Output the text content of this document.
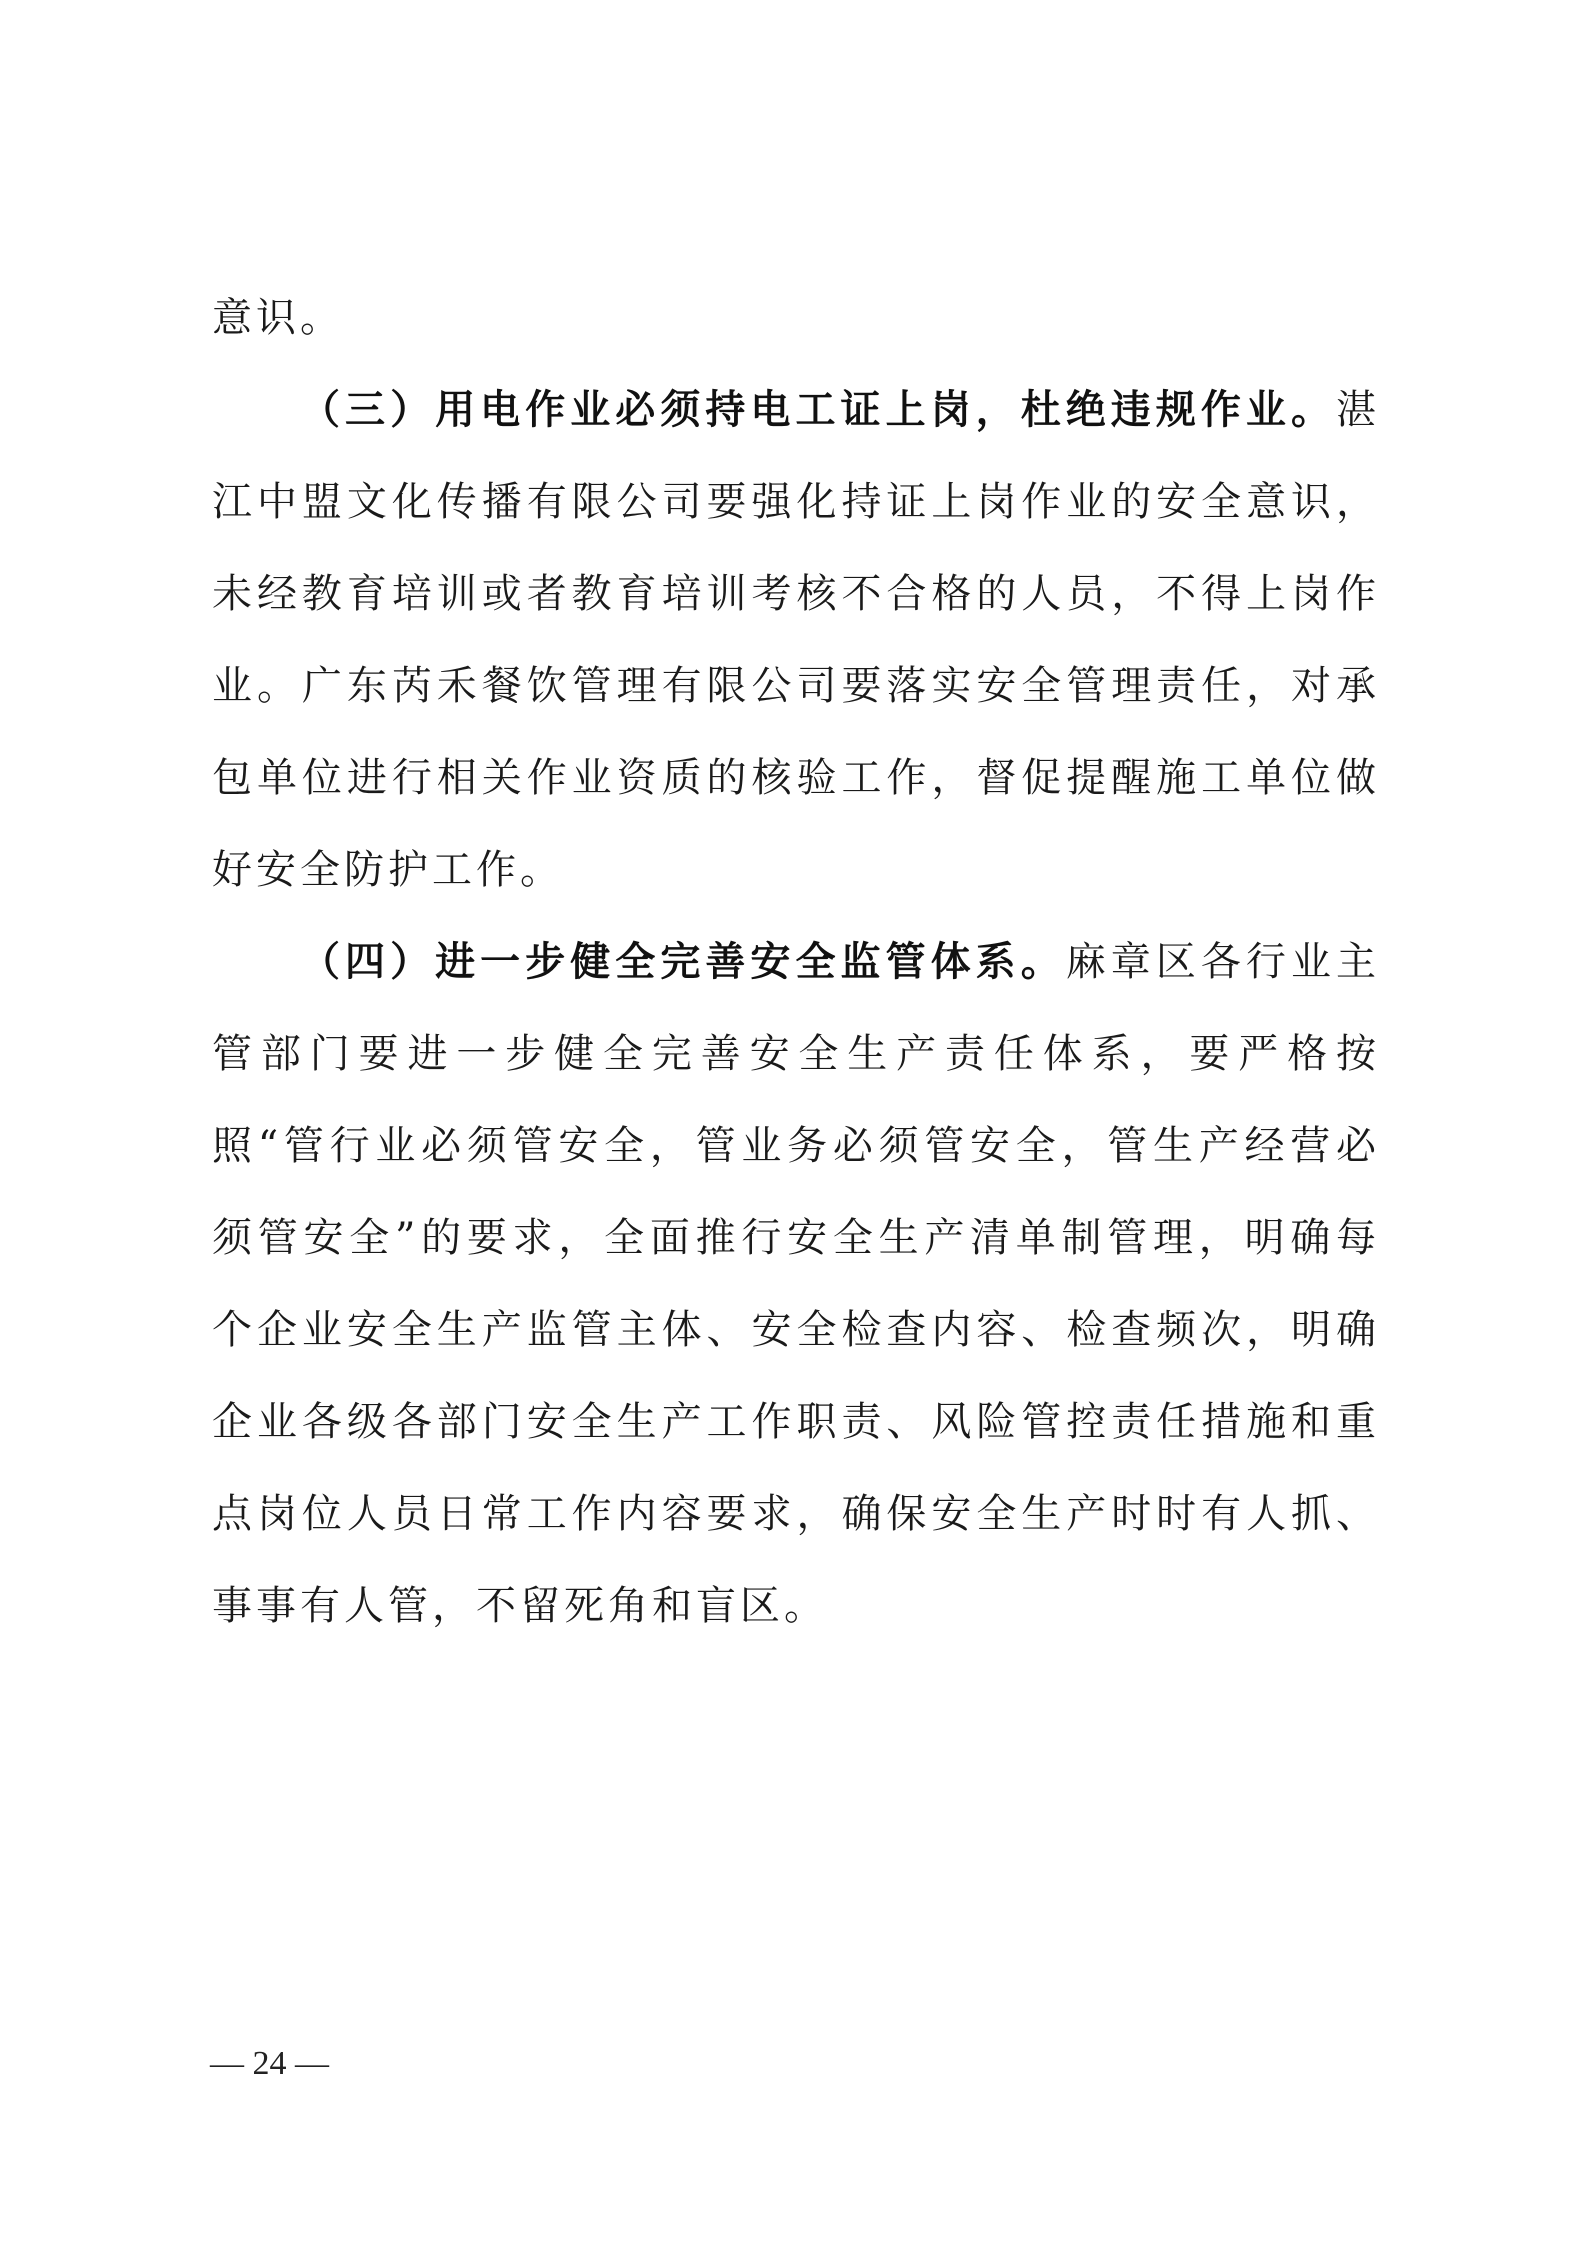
意识。

（三）用电作业必须持电工证上岗，杜绝违规作业。湛江中盟文化传播有限公司要强化持证上岗作业的安全意识，未经教育培训或者教育培训考核不合格的人员，不得上岗作业。广东芮禾餐饮管理有限公司要落实安全管理责任，对承包单位进行相关作业资质的核验工作，督促提醒施工单位做好安全防护工作。

（四）进一步健全完善安全监管体系。麻章区各行业主管部门要进一步健全完善安全生产责任体系，要严格按照“管行业必须管安全，管业务必须管安全，管生产经营必须管安全”的要求，全面推行安全生产清单制管理，明确每个企业安全生产监管主体、安全检查内容、检查频次，明确企业各级各部门安全生产工作职责、风险管控责任措施和重点岗位人员日常工作内容要求，确保安全生产时时有人抓、事事有人管，不留死角和盲区。

— 24 —
